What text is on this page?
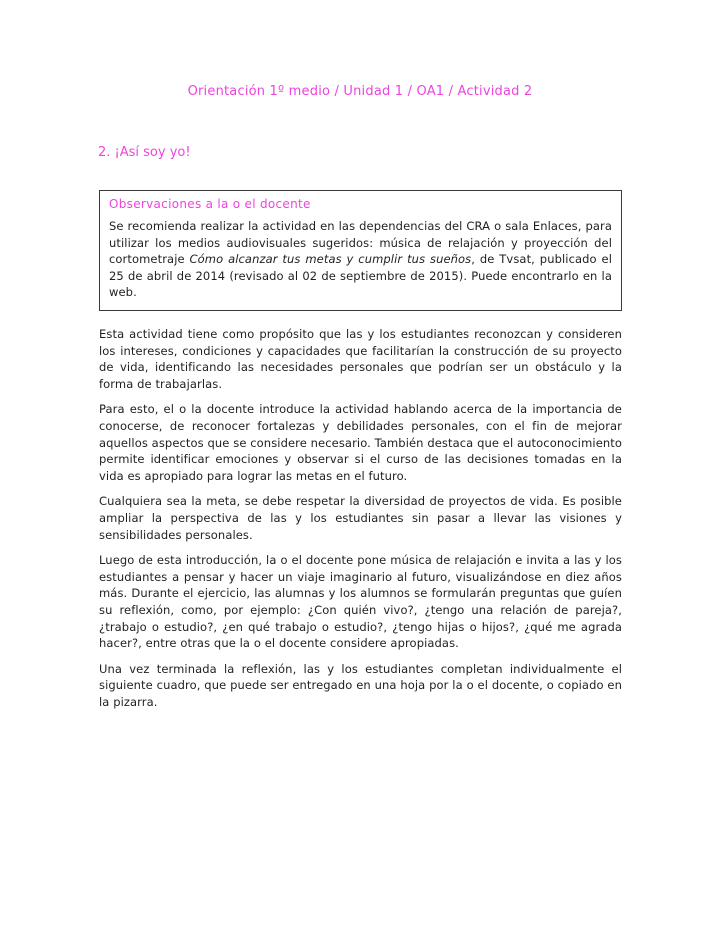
Orientación 1º medio / Unidad 1 / OA1 / Actividad 2
2. ¡Así soy yo!
Observaciones a la o el docente
Se recomienda realizar la actividad en las dependencias del CRA o sala Enlaces, para utilizar los medios audiovisuales sugeridos: música de relajación y proyección del cortometraje Cómo alcanzar tus metas y cumplir tus sueños, de Tvsat, publicado el 25 de abril de 2014 (revisado al 02 de septiembre de 2015). Puede encontrarlo en la web.

Esta actividad tiene como propósito que las y los estudiantes reconozcan y consideren los intereses, condiciones y capacidades que facilitarían la construcción de su proyecto de vida, identificando las necesidades personales que podrían ser un obstáculo y la forma de trabajarlas.

Para esto, el o la docente introduce la actividad hablando acerca de la importancia de conocerse, de reconocer fortalezas y debilidades personales, con el fin de mejorar aquellos aspectos que se considere necesario. También destaca que el autoconocimiento permite identificar emociones y observar si el curso de las decisiones tomadas en la vida es apropiado para lograr las metas en el futuro.

Cualquiera sea la meta, se debe respetar la diversidad de proyectos de vida. Es posible ampliar la perspectiva de las y los estudiantes sin pasar a llevar las visiones y sensibilidades personales.

Luego de esta introducción, la o el docente pone música de relajación e invita a las y los estudiantes a pensar y hacer un viaje imaginario al futuro, visualizándose en diez años más. Durante el ejercicio, las alumnas y los alumnos se formularán preguntas que guíen su reflexión, como, por ejemplo: ¿Con quién vivo?, ¿tengo una relación de pareja?, ¿trabajo o estudio?, ¿en qué trabajo o estudio?, ¿tengo hijas o hijos?, ¿qué me agrada hacer?, entre otras que la o el docente considere apropiadas.

Una vez terminada la reflexión, las y los estudiantes completan individualmente el siguiente cuadro, que puede ser entregado en una hoja por la o el docente, o copiado en la pizarra.
